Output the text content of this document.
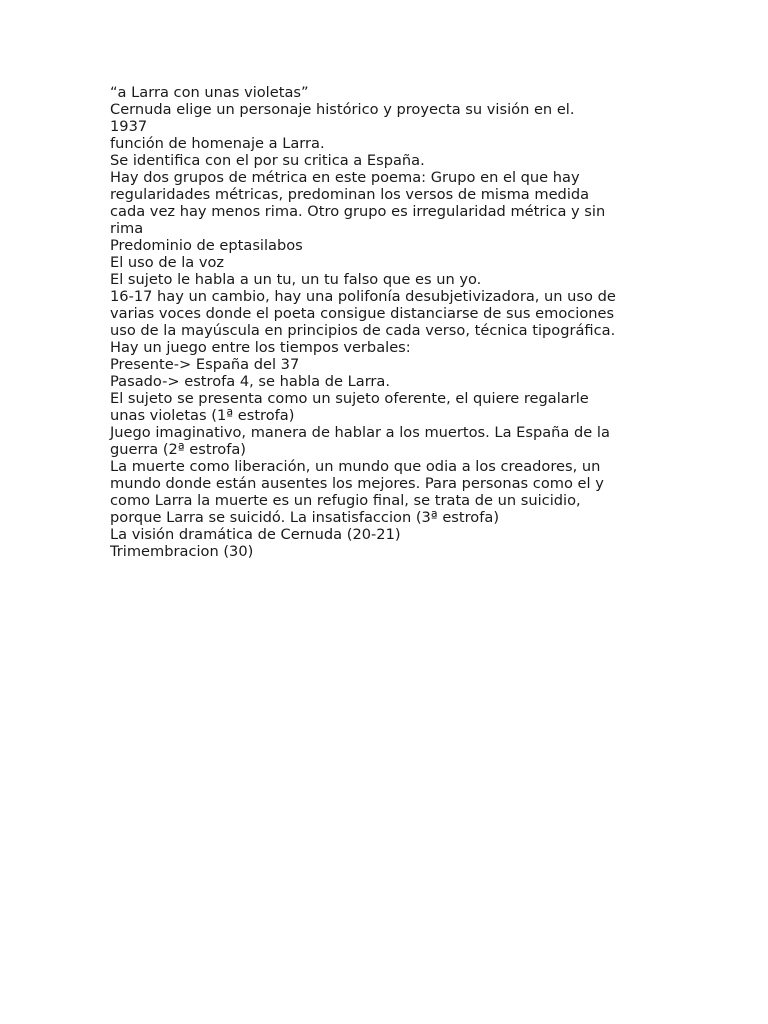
“a Larra con unas violetas”
Cernuda elige un personaje histórico y proyecta su visión en el.
1937
función de homenaje a Larra.
Se identifica con el por su critica a España.
Hay dos grupos de métrica en este poema: Grupo en el que hay
regularidades métricas, predominan los versos de misma medida
cada vez hay menos rima. Otro grupo es irregularidad métrica y sin
rima
Predominio de eptasilabos
El uso de la voz
El sujeto le habla a un tu, un tu falso que es un yo.
16-17 hay un cambio, hay una polifonía desubjetivizadora, un uso de
varias voces donde el poeta consigue distanciarse de sus emociones
uso de la mayúscula en principios de cada verso, técnica tipográfica.
Hay un juego entre los tiempos verbales:
Presente-> España del 37
Pasado-> estrofa 4, se habla de Larra.
El sujeto se presenta como un sujeto oferente, el quiere regalarle
unas violetas (1ª estrofa)
Juego imaginativo, manera de hablar a los muertos. La España de la
guerra (2ª estrofa)
La muerte como liberación, un mundo que odia a los creadores, un
mundo donde están ausentes los mejores. Para personas como el y
como Larra la muerte es un refugio final, se trata de un suicidio,
porque Larra se suicidó. La insatisfaccion (3ª estrofa)
La visión dramática de Cernuda (20-21)
Trimembracion (30)
